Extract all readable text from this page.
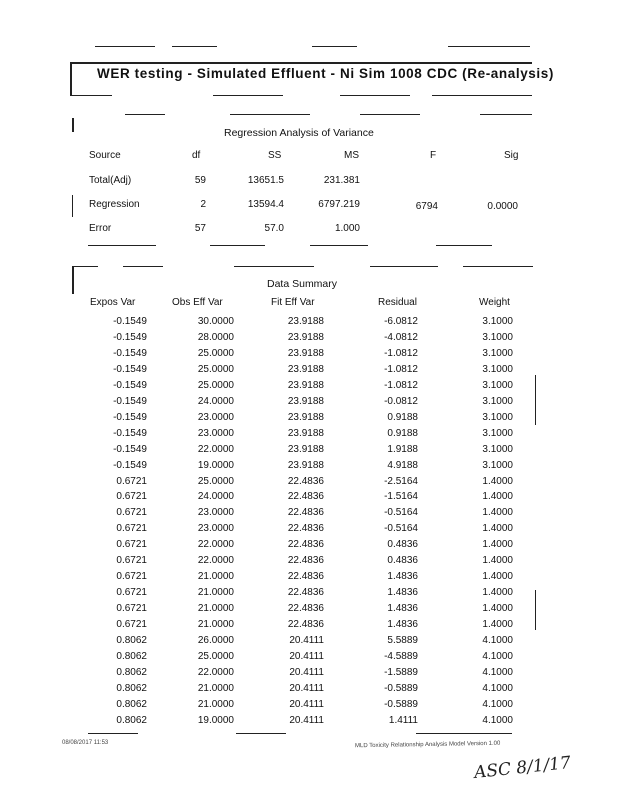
WER testing - Simulated Effluent - Ni Sim 1008 CDC (Re-analysis)
Regression Analysis of Variance
Source	df	SS	MS	F	Sig
Total(Adj)	59	13651.5	231.381
Regression	2	13594.4	6797.219	6794	0.0000
Error	57	57.0	1.000
Data Summary
Expos Var	Obs Eff Var	Fit Eff Var	Residual	Weight
-0.1549	30.0000	23.9188	-6.0812	3.1000
-0.1549	28.0000	23.9188	-4.0812	3.1000
-0.1549	25.0000	23.9188	-1.0812	3.1000
-0.1549	25.0000	23.9188	-1.0812	3.1000
-0.1549	25.0000	23.9188	-1.0812	3.1000
-0.1549	24.0000	23.9188	-0.0812	3.1000
-0.1549	23.0000	23.9188	0.9188	3.1000
-0.1549	23.0000	23.9188	0.9188	3.1000
-0.1549	22.0000	23.9188	1.9188	3.1000
-0.1549	19.0000	23.9188	4.9188	3.1000
0.6721	25.0000	22.4836	-2.5164	1.4000
0.6721	24.0000	22.4836	-1.5164	1.4000
0.6721	23.0000	22.4836	-0.5164	1.4000
0.6721	23.0000	22.4836	-0.5164	1.4000
0.6721	22.0000	22.4836	0.4836	1.4000
0.6721	22.0000	22.4836	0.4836	1.4000
0.6721	21.0000	22.4836	1.4836	1.4000
0.6721	21.0000	22.4836	1.4836	1.4000
0.6721	21.0000	22.4836	1.4836	1.4000
0.6721	21.0000	22.4836	1.4836	1.4000
0.8062	26.0000	20.4111	5.5889	4.1000
0.8062	25.0000	20.4111	-4.5889	4.1000
0.8062	22.0000	20.4111	-1.5889	4.1000
0.8062	21.0000	20.4111	-0.5889	4.1000
0.8062	21.0000	20.4111	-0.5889	4.1000
0.8062	19.0000	20.4111	1.4111	4.1000
08/08/2017 11:53	MLD Toxicity Relationship Analysis Model Version 1.00
ASC 8/1/17
